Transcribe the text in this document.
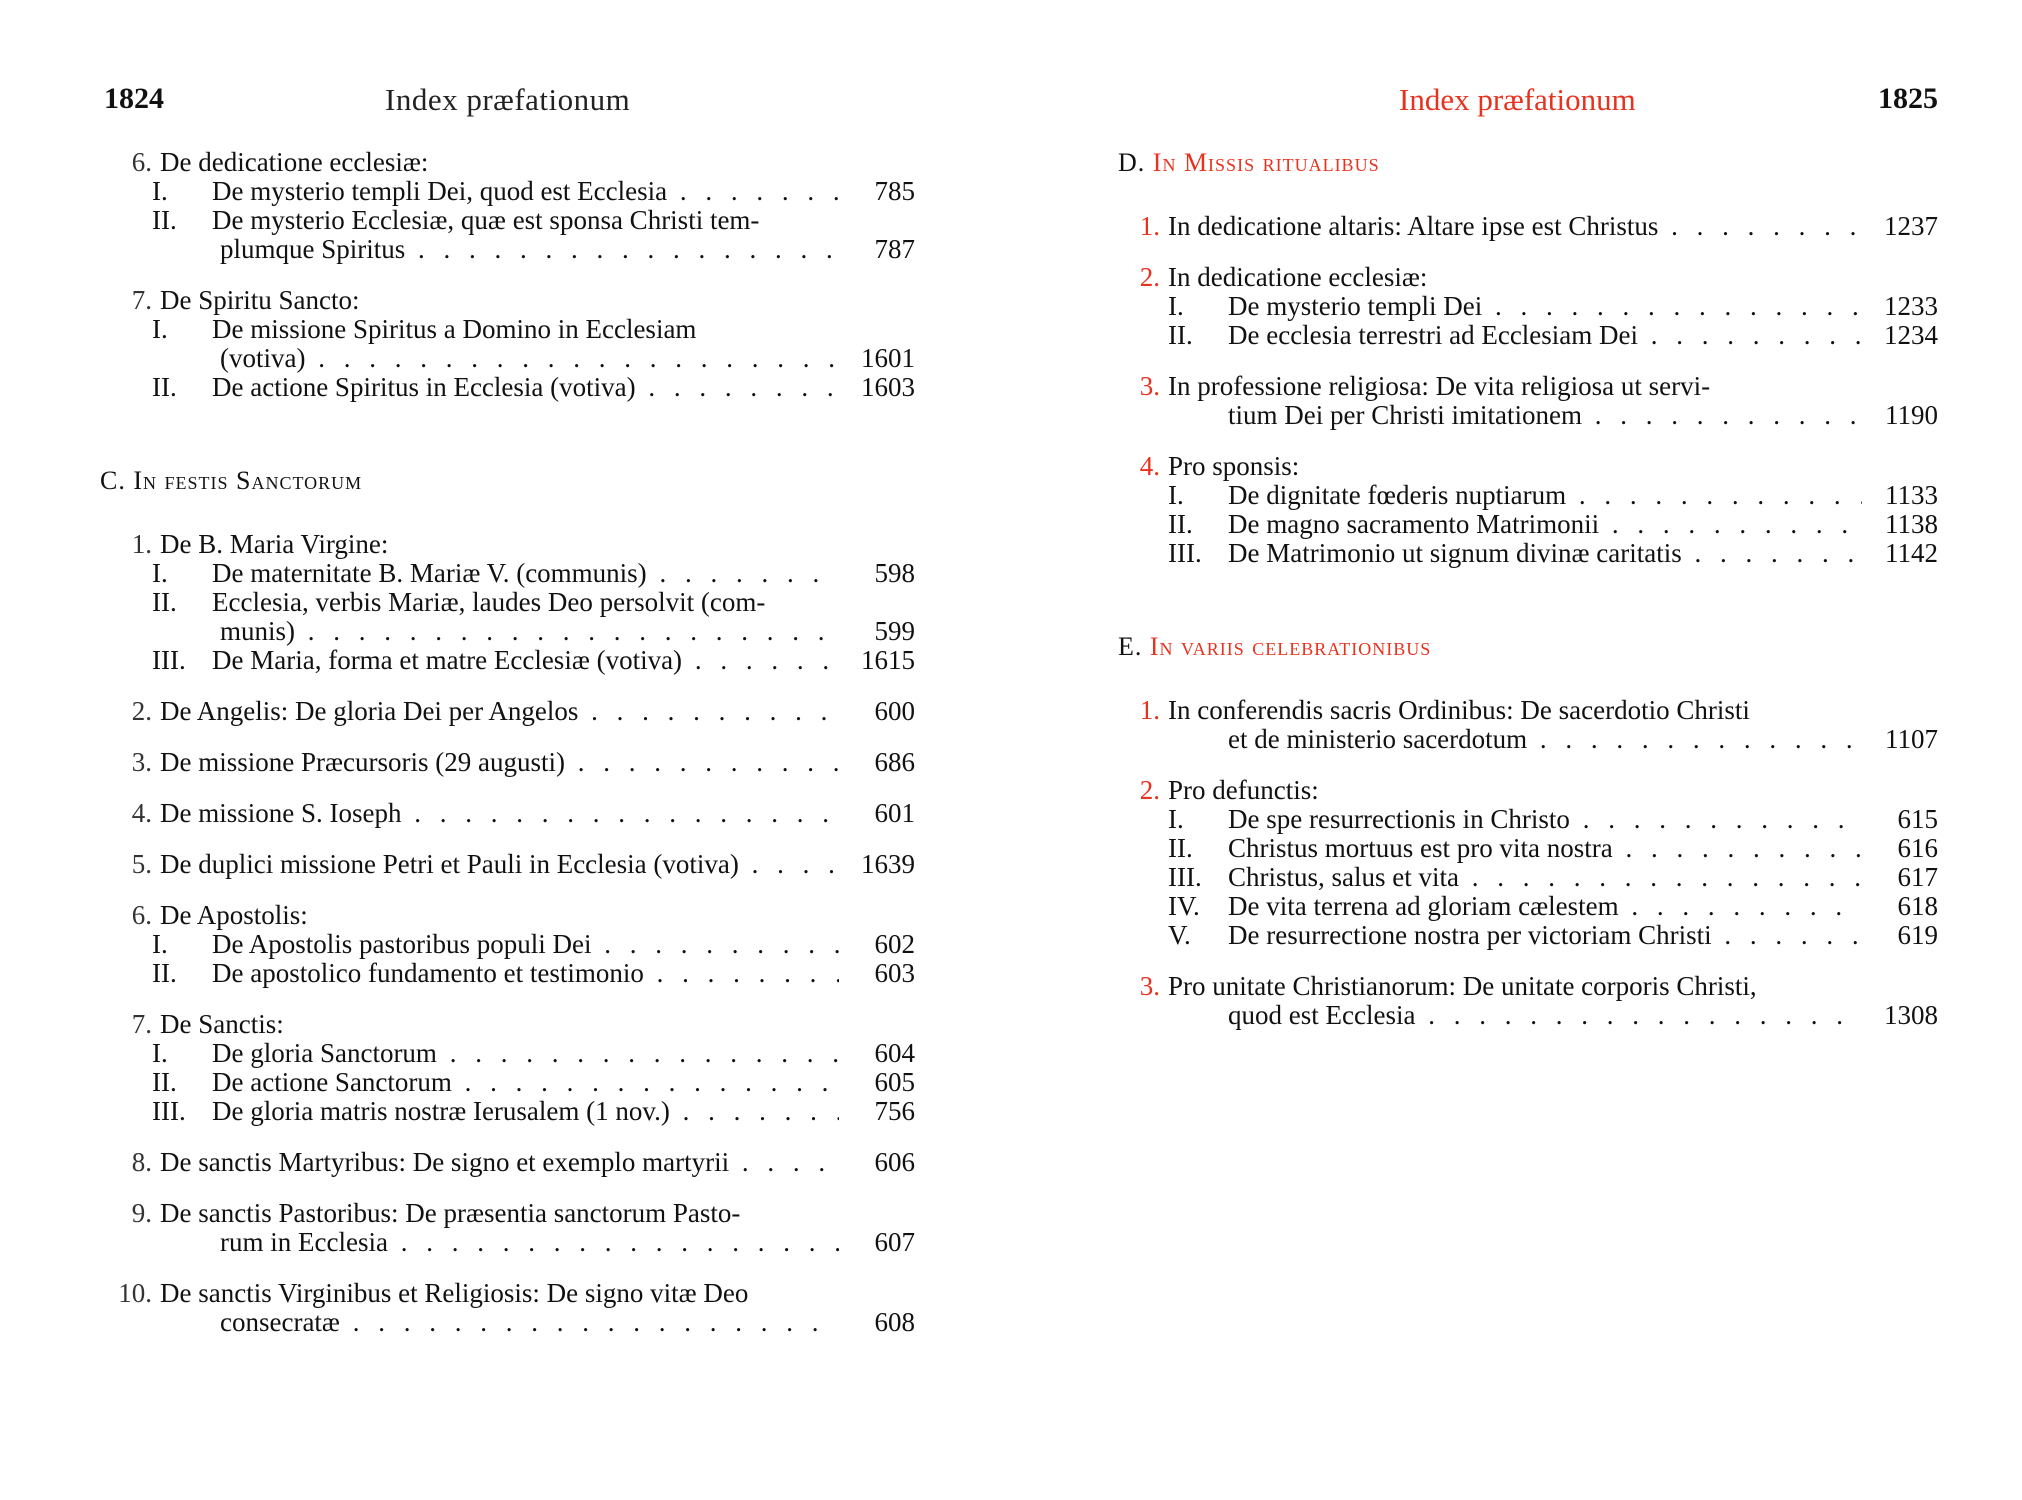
1824	Index præfationum
6. De dedicatione ecclesiæ:
I.	De mysterio templi Dei, quod est Ecclesia . . .	785
II.	De mysterio Ecclesiæ, quæ est sponsa Christi tem-
plumque Spiritus . . .	787
7. De Spiritu Sancto:
I.	De missione Spiritus a Domino in Ecclesiam
(votiva) . . .	1601
II.	De actione Spiritus in Ecclesia (votiva) . . .	1603
C. In festis Sanctorum
1. De B. Maria Virgine:
I.	De maternitate B. Mariæ V. (communis) . . .	598
II.	Ecclesia, verbis Mariæ, laudes Deo persolvit (com-
munis) . . .	599
III. De Maria, forma et matre Ecclesiæ (votiva) . . .	1615
2. De Angelis: De gloria Dei per Angelos . . .	600
3. De missione Præcursoris (29 augusti) . . .	686
4. De missione S. Ioseph . . .	601
5. De duplici missione Petri et Pauli in Ecclesia (votiva) . . .	1639
6. De Apostolis:
I.	De Apostolis pastoribus populi Dei . . .	602
II.	De apostolico fundamento et testimonio . . .	603
7. De Sanctis:
I.	De gloria Sanctorum . . .	604
II.	De actione Sanctorum . . .	605
III. De gloria matris nostræ Ierusalem (1 nov.) . . .	756
8. De sanctis Martyribus: De signo et exemplo martyrii . . .	606
9. De sanctis Pastoribus: De præsentia sanctorum Pasto-
rum in Ecclesia . . .	607
10. De sanctis Virginibus et Religiosis: De signo vitæ Deo
consecratæ . . .	608
Index præfationum	1825
D. In Missis ritualibus
1. In dedicatione altaris: Altare ipse est Christus . . .	1237
2. In dedicatione ecclesiæ:
I.	De mysterio templi Dei . . .	1233
II.	De ecclesia terrestri ad Ecclesiam Dei . . .	1234
3. In professione religiosa: De vita religiosa ut servi-
tium Dei per Christi imitationem . . .	1190
4. Pro sponsis:
I.	De dignitate fœderis nuptiarum . . .	1133
II.	De magno sacramento Matrimonii . . .	1138
III. De Matrimonio ut signum divinæ caritatis . . .	1142
E. In variis celebrationibus
1. In conferendis sacris Ordinibus: De sacerdotio Christi
et de ministerio sacerdotum . . .	1107
2. Pro defunctis:
I.	De spe resurrectionis in Christo . . .	615
II.	Christus mortuus est pro vita nostra . . .	616
III. Christus, salus et vita . . .	617
IV.	De vita terrena ad gloriam cælestem . . .	618
V.	De resurrectione nostra per victoriam Christi . . .	619
3. Pro unitate Christianorum: De unitate corporis Christi,
quod est Ecclesia . . .	1308
